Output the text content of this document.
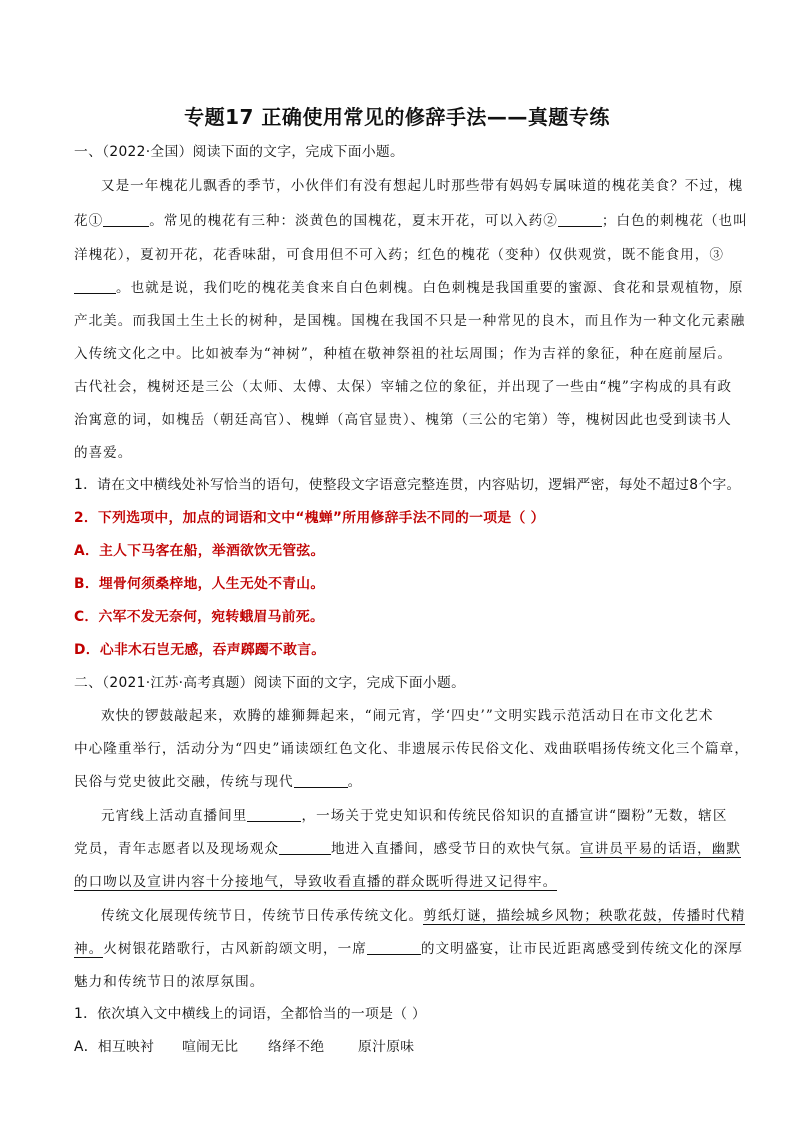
专题17 正确使用常见的修辞手法——真题专练
一、（2022·全国）阅读下面的文字，完成下面小题。
又是一年槐花儿飘香的季节，小伙伴们有没有想起儿时那些带有妈妈专属味道的槐花美食？不过，槐
花①	。常见的槐花有三种：淡黄色的国槐花，夏末开花，可以入药②	；白色的刺槐花（也叫
洋槐花），夏初开花，花香味甜，可食用但不可入药；红色的槐花（变种）仅供观赏，既不能食用，③
。也就是说，我们吃的槐花美食来自白色刺槐。白色刺槐是我国重要的蜜源、食花和景观植物，原
产北美。而我国土生土长的树种，是国槐。国槐在我国不只是一种常见的良木，而且作为一种文化元素融
入传统文化之中。比如被奉为“神树”，种植在敬神祭祖的社坛周围；作为吉祥的象征，种在庭前屋后。
古代社会，槐树还是三公（太师、太傅、太保）宰辅之位的象征，并出现了一些由“槐”字构成的具有政
治寓意的词，如槐岳（朝廷高官）、槐蝉（高官显贵）、槐第（三公的宅第）等，槐树因此也受到读书人
的喜爱。
1．请在文中横线处补写恰当的语句，使整段文字语意完整连贯，内容贴切，逻辑严密，每处不超过8个字。
2．下列选项中，加点的词语和文中“槐蝉”所用修辞手法不同的一项是（ ）
A．主人下马客在船，举酒欲饮无管弦。
B．埋骨何须桑梓地，人生无处不青山。
C．六军不发无奈何，宛转蛾眉马前死。
D．心非木石岂无感，吞声踯躅不敢言。
二、（2021·江苏·高考真题）阅读下面的文字，完成下面小题。
欢快的锣鼓敲起来，欢腾的雄狮舞起来，“闹元宵，学‘四史’”文明实践示范活动日在市文化艺术
中心隆重举行，活动分为“四史”诵读颂红色文化、非遗展示传民俗文化、戏曲联唱扬传统文化三个篇章，
民俗与党史彼此交融，传统与现代	。
元宵线上活动直播间里	，一场关于党史知识和传统民俗知识的直播宣讲“圈粉”无数，辖区
党员，青年志愿者以及现场观众	地进入直播间，感受节日的欢快气氛。宣讲员平易的话语，幽默
的口吻以及宣讲内容十分接地气，导致收看直播的群众既听得进又记得牢。
传统文化展现传统节日，传统节日传承传统文化。剪纸灯谜，描绘城乡风物；秧歌花鼓，传播时代精
神。火树银花踏歌行，古风新韵颂文明，一席	的文明盛宴，让市民近距离感受到传统文化的深厚
魅力和传统节日的浓厚氛围。
1．依次填入文中横线上的词语，全都恰当的一项是（ ）
A．相互映衬 喧闹无比 络绎不绝 原汁原味
